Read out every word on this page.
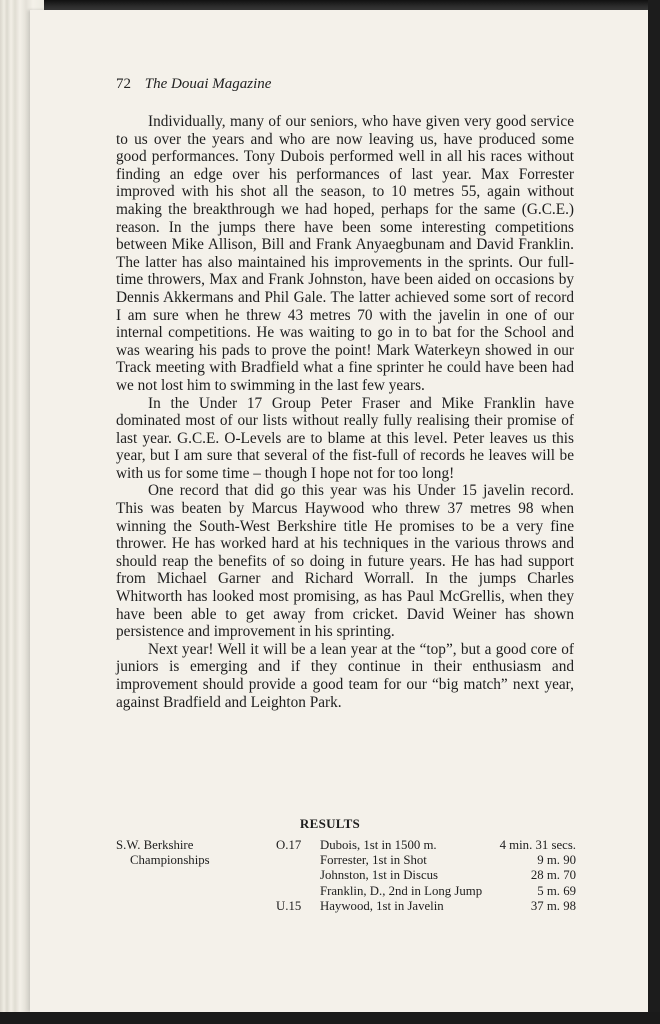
72 The Douai Magazine

Individually, many of our seniors, who have given very good service to us over the years and who are now leaving us, have produced some good performances. Tony Dubois performed well in all his races without finding an edge over his performances of last year. Max Forrester improved with his shot all the season, to 10 metres 55, again without making the breakthrough we had hoped, perhaps for the same (G.C.E.) reason. In the jumps there have been some interesting competitions between Mike Allison, Bill and Frank Anyaegbunam and David Franklin. The latter has also maintained his improvements in the sprints. Our full-time throwers, Max and Frank Johnston, have been aided on occasions by Dennis Akkermans and Phil Gale. The latter achieved some sort of record I am sure when he threw 43 metres 70 with the javelin in one of our internal competitions. He was waiting to go in to bat for the School and was wearing his pads to prove the point! Mark Waterkeyn showed in our Track meeting with Bradfield what a fine sprinter he could have been had we not lost him to swimming in the last few years.

In the Under 17 Group Peter Fraser and Mike Franklin have dominated most of our lists without really fully realising their promise of last year. G.C.E. O-Levels are to blame at this level. Peter leaves us this year, but I am sure that several of the fist-full of records he leaves will be with us for some time – though I hope not for too long!

One record that did go this year was his Under 15 javelin record. This was beaten by Marcus Haywood who threw 37 metres 98 when winning the South-West Berkshire title He promises to be a very fine thrower. He has worked hard at his techniques in the various throws and should reap the benefits of so doing in future years. He has had support from Michael Garner and Richard Worrall. In the jumps Charles Whitworth has looked most promising, as has Paul McGrellis, when they have been able to get away from cricket. David Weiner has shown persistence and improvement in his sprinting.

Next year! Well it will be a lean year at the “top”, but a good core of juniors is emerging and if they continue in their enthusiasm and improvement should provide a good team for our “big match” next year, against Bradfield and Leighton Park.

RESULTS
S.W. Berkshire
Championships
O.17	Dubois, 1st in 1500 m.	4 min. 31 secs.
Forrester, 1st in Shot	9 m. 90
Johnston, 1st in Discus	28 m. 70
Franklin, D., 2nd in Long Jump	5 m. 69
U.15	Haywood, 1st in Javelin	37 m. 98
